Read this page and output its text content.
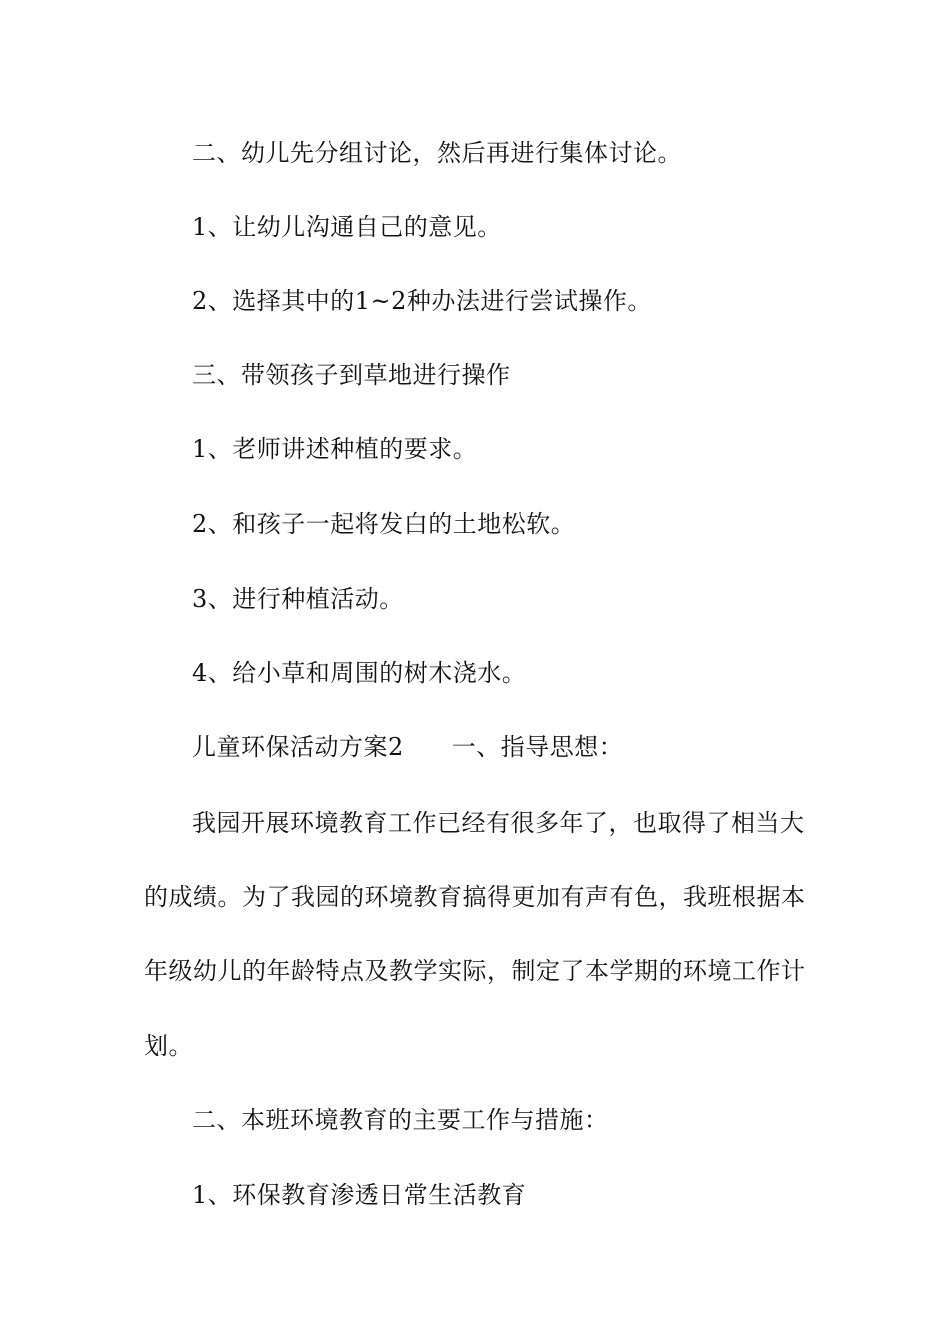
二、幼儿先分组讨论，然后再进行集体讨论。
1、让幼儿沟通自己的意见。
2、选择其中的1~2种办法进行尝试操作。
三、带领孩子到草地进行操作
1、老师讲述种植的要求。
2、和孩子一起将发白的土地松软。
3、进行种植活动。
4、给小草和周围的树木浇水。
儿童环保活动方案2 一、指导思想：
我园开展环境教育工作已经有很多年了，也取得了相当大
的成绩。为了我园的环境教育搞得更加有声有色，我班根据本
年级幼儿的年龄特点及教学实际，制定了本学期的环境工作计
划。
二、本班环境教育的主要工作与措施：
1、环保教育渗透日常生活教育
